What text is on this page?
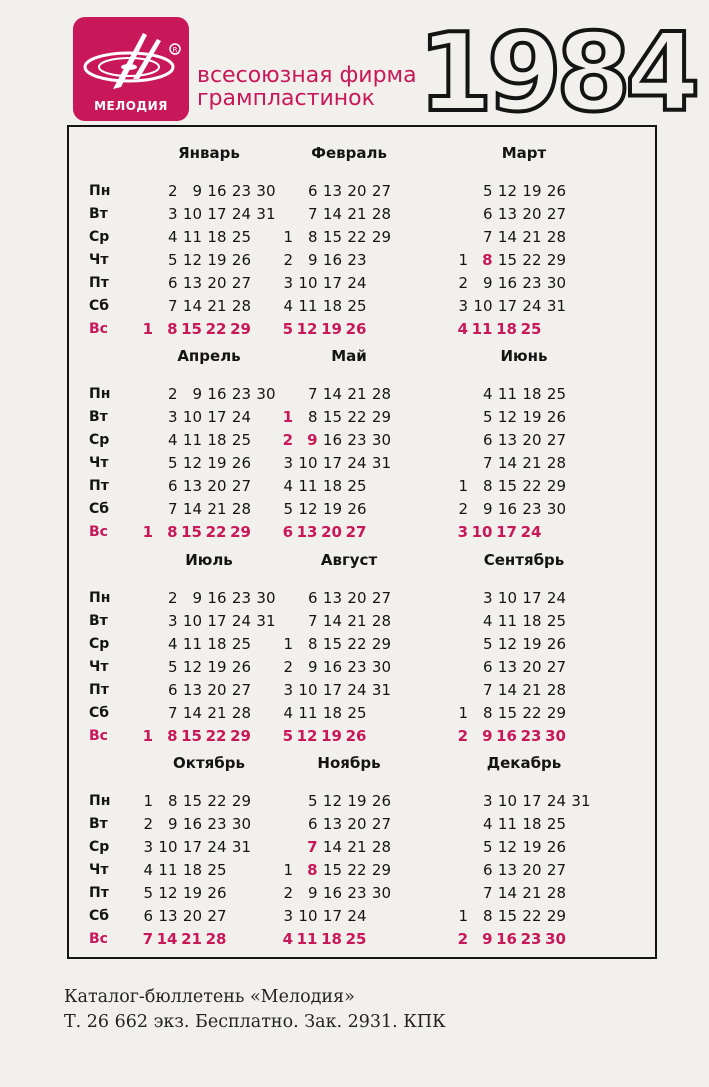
R
МЕЛОДИЯ
всесоюзная фирма
грампластинок 1984
Январь
Пн
Вт
Ср
Чт
Пт
Сб
Вс
2 9 16 23 30
3 10 17 24 31
4 11 18 25
5 12 19 26
6 13 20 27
7 14 21 28
1 8 15 22 29
Февраль
6 13 20 27
7 14 21 28
1 8 15 22 29
2 9 16 23
3 10 17 24
4 11 18 25
5 12 19 26
Март
5 12 19 26
6 13 20 27
7 14 21 28
1 8 15 22 29
2 9 16 23 30
3 10 17 24 31
4 11 18 25
Апрель
Пн
Вт
Ср
Чт
Пт
Сб
Вс
2 9 16 23 30
3 10 17 24
4 11 18 25
5 12 19 26
6 13 20 27
7 14 21 28
1 8 15 22 29
Май
7 14 21 28
1 8 15 22 29
2 9 16 23 30
3 10 17 24 31
4 11 18 25
5 12 19 26
6 13 20 27
Июнь
4 11 18 25
5 12 19 26
6 13 20 27
7 14 21 28
1 8 15 22 29
2 9 16 23 30
3 10 17 24
Июль
Пн
Вт
Ср
Чт
Пт
Сб
Вс
2 9 16 23 30
3 10 17 24 31
4 11 18 25
5 12 19 26
6 13 20 27
7 14 21 28
1 8 15 22 29
Август
6 13 20 27
7 14 21 28
1 8 15 22 29
2 9 16 23 30
3 10 17 24 31
4 11 18 25
5 12 19 26
Сентябрь
3 10 17 24
4 11 18 25
5 12 19 26
6 13 20 27
7 14 21 28
1 8 15 22 29
2 9 16 23 30
Октябрь
Пн
Вт
Ср
Чт
Пт
Сб
Вс
1 8 15 22 29
2 9 16 23 30
3 10 17 24 31
4 11 18 25
5 12 19 26
6 13 20 27
7 14 21 28
Ноябрь
5 12 19 26
6 13 20 27
7 14 21 28
1 8 15 22 29
2 9 16 23 30
3 10 17 24
4 11 18 25
Декабрь
3 10 17 24 31
4 11 18 25
5 12 19 26
6 13 20 27
7 14 21 28
1 8 15 22 29
2 9 16 23 30
Каталог-бюллетень «Мелодия»
Т. 26 662 экз. Бесплатно. Зак. 2931. КПК
